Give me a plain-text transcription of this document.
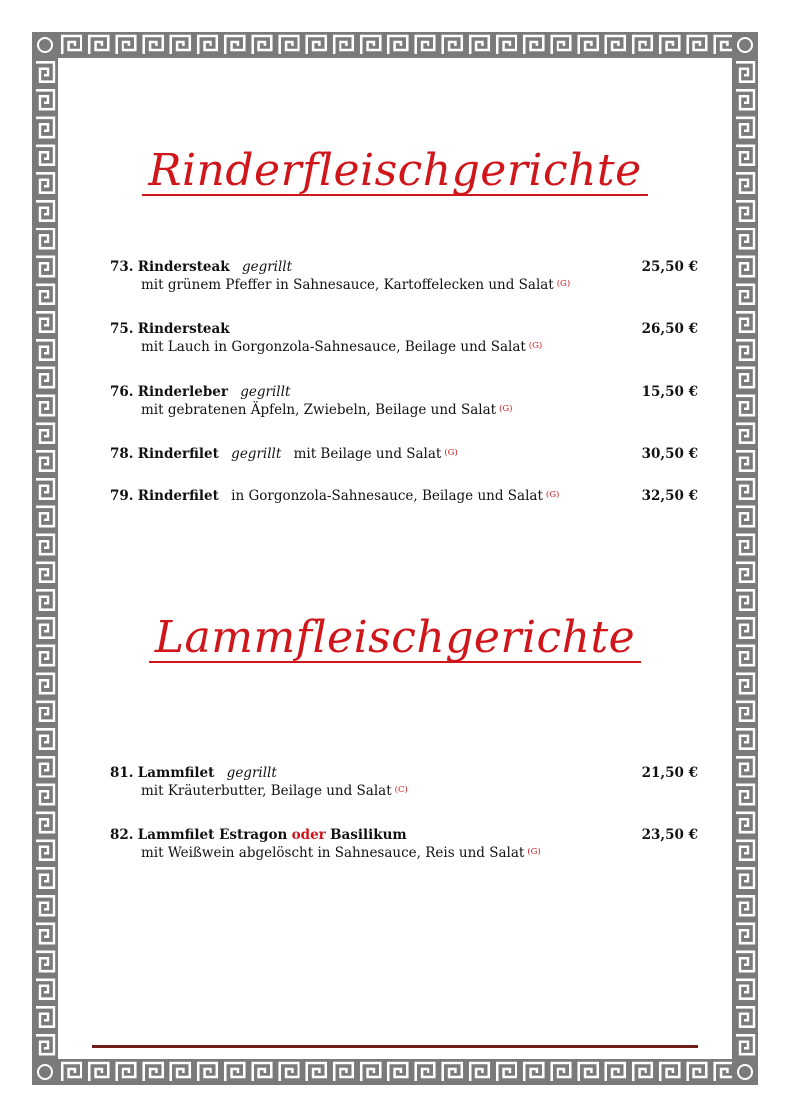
Rinderfleischgerichte
73. Rindersteak gegrillt	25,50 €
mit grünem Pfeffer in Sahnesauce, Kartoffelecken und Salat $^{(G)}$
75. Rindersteak	26,50 €
mit Lauch in Gorgonzola-Sahnesauce, Beilage und Salat $^{(G)}$
76. Rinderleber gegrillt	15,50 €
mit gebratenen Äpfeln, Zwiebeln, Beilage und Salat $^{(G)}$
78. Rinderfilet gegrillt mit Beilage und Salat $^{(G)}$	30,50 €
79. Rinderfilet in Gorgonzola-Sahnesauce, Beilage und Salat $^{(G)}$	32,50 €
Lammfleischgerichte
81. Lammfilet gegrillt	21,50 €
mit Kräuterbutter, Beilage und Salat $^{(C)}$
82. Lammfilet Estragon oder Basilikum	23,50 €
mit Weißwein abgelöscht in Sahnesauce, Reis und Salat $^{(G)}$
